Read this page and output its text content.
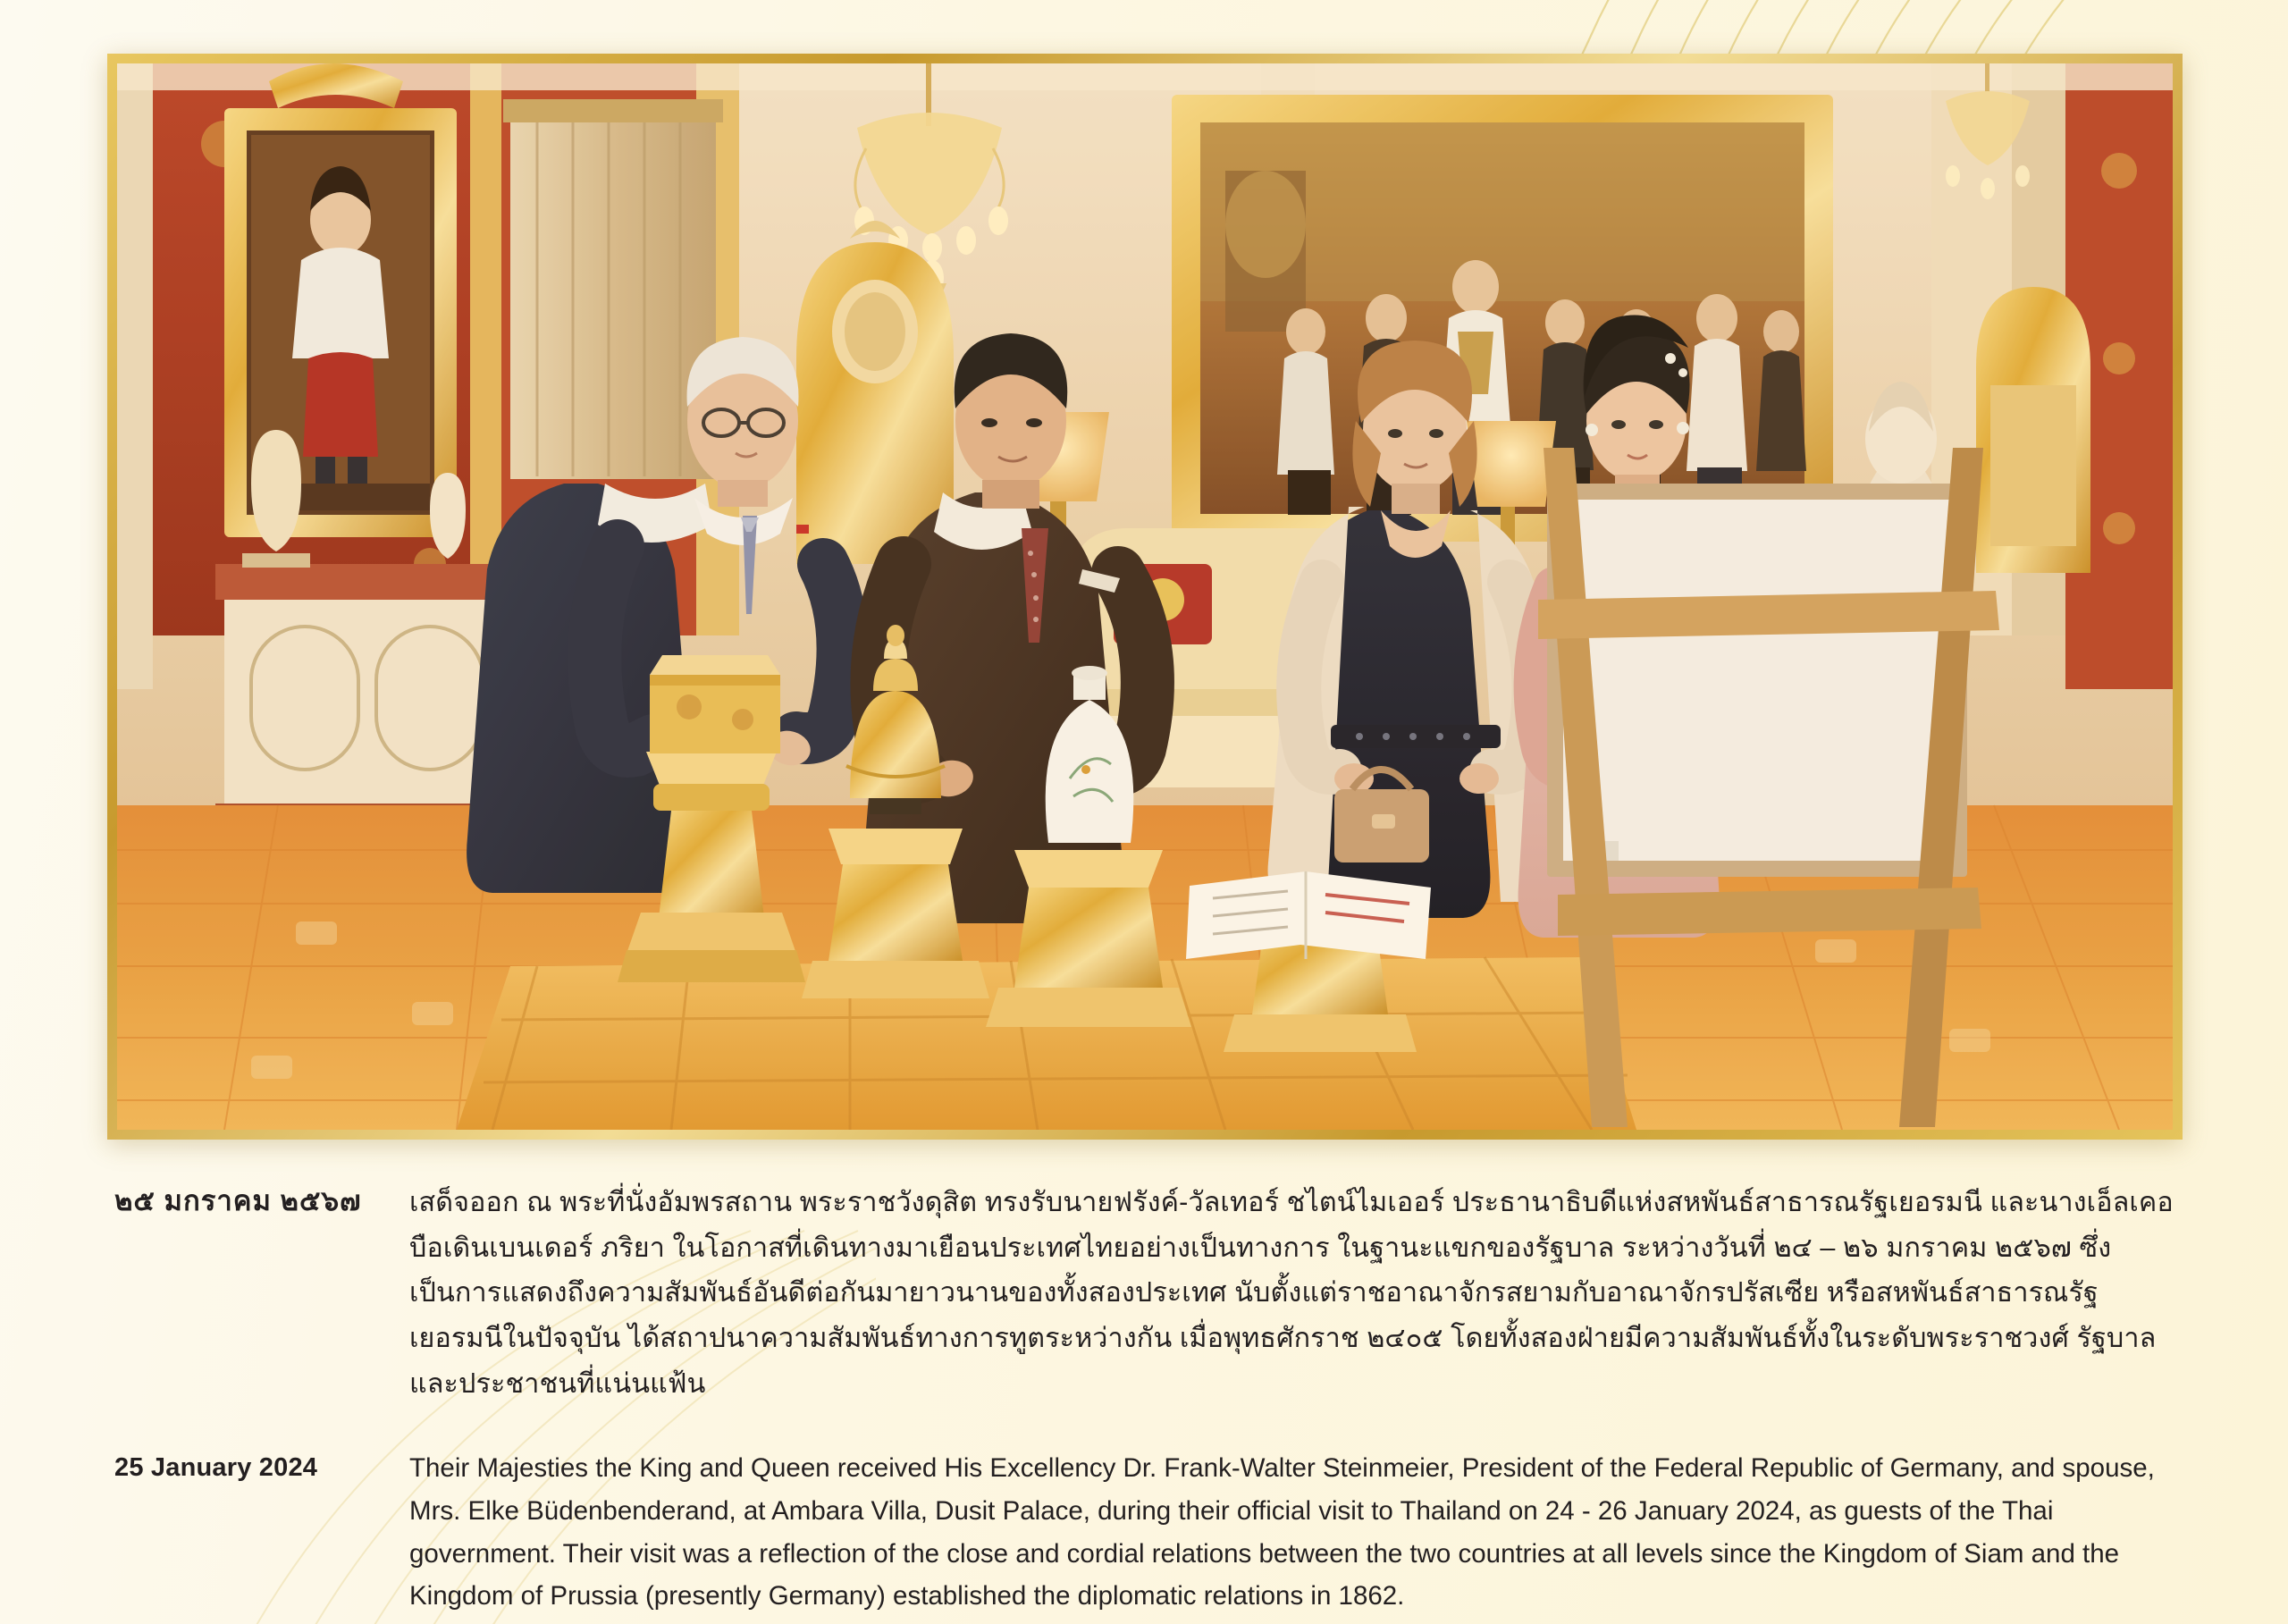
๒๕ มกราคม ๒๕๖๗	เสด็จออก ณ พระที่นั่งอัมพรสถาน พระราชวังดุสิต ทรงรับนายฟรังค์-วัลเทอร์ ชไตน์ไมเออร์ ประธานาธิบดีแห่งสหพันธ์สาธารณรัฐเยอรมนี และนางเอ็ลเคอ บือเดินเบนเดอร์ ภริยา ในโอกาสที่เดินทางมาเยือนประเทศไทยอย่างเป็นทางการ ในฐานะแขกของรัฐบาล ระหว่างวันที่ ๒๔ – ๒๖ มกราคม ๒๕๖๗ ซึ่งเป็นการแสดงถึงความสัมพันธ์อันดีต่อกันมายาวนานของทั้งสองประเทศ นับตั้งแต่ราชอาณาจักรสยามกับอาณาจักรปรัสเซีย หรือสหพันธ์สาธารณรัฐเยอรมนีในปัจจุบัน ได้สถาปนาความสัมพันธ์ทางการทูตระหว่างกัน เมื่อพุทธศักราช ๒๔๐๕ โดยทั้งสองฝ่ายมีความสัมพันธ์ทั้งในระดับพระราชวงศ์ รัฐบาล และประชาชนที่แน่นแฟ้น
25 January 2024	Their Majesties the King and Queen received His Excellency Dr. Frank-Walter Steinmeier, President of the Federal Republic of Germany, and spouse, Mrs. Elke Büdenbenderand, at Ambara Villa, Dusit Palace, during their official visit to Thailand on 24 - 26 January 2024, as guests of the Thai government. Their visit was a reflection of the close and cordial relations between the two countries at all levels since the Kingdom of Siam and the Kingdom of Prussia (presently Germany) established the diplomatic relations in 1862.
